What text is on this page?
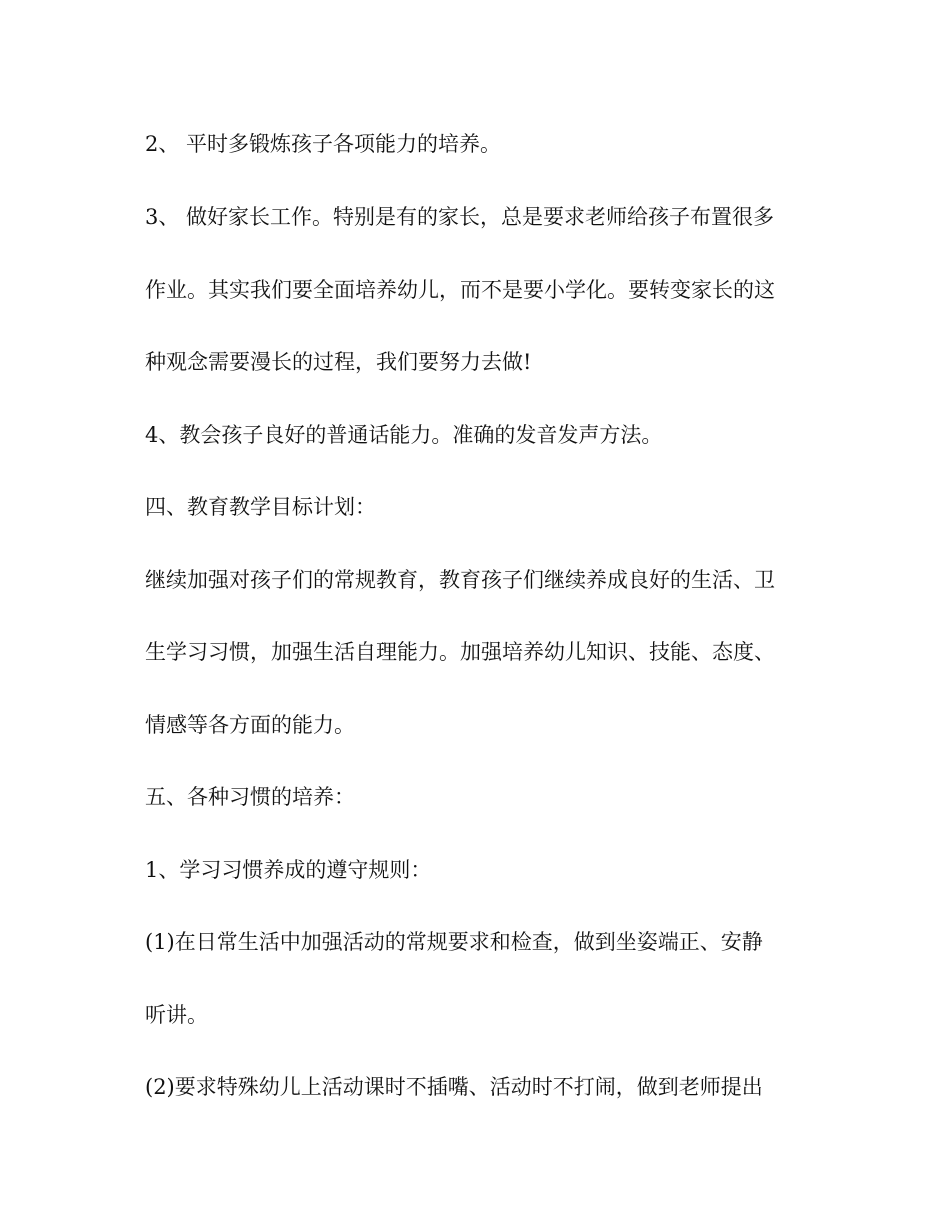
2、 平时多锻炼孩子各项能力的培养。
3、 做好家长工作。特别是有的家长，总是要求老师给孩子布置很多
作业。其实我们要全面培养幼儿，而不是要小学化。要转变家长的这
种观念需要漫长的过程，我们要努力去做!
4、教会孩子良好的普通话能力。准确的发音发声方法。
四、教育教学目标计划：
继续加强对孩子们的常规教育，教育孩子们继续养成良好的生活、卫
生学习习惯，加强生活自理能力。加强培养幼儿知识、技能、态度、
情感等各方面的能力。
五、各种习惯的培养：
1、学习习惯养成的遵守规则：
(1)在日常生活中加强活动的常规要求和检查，做到坐姿端正、安静
听讲。
(2)要求特殊幼儿上活动课时不插嘴、活动时不打闹，做到老师提出
